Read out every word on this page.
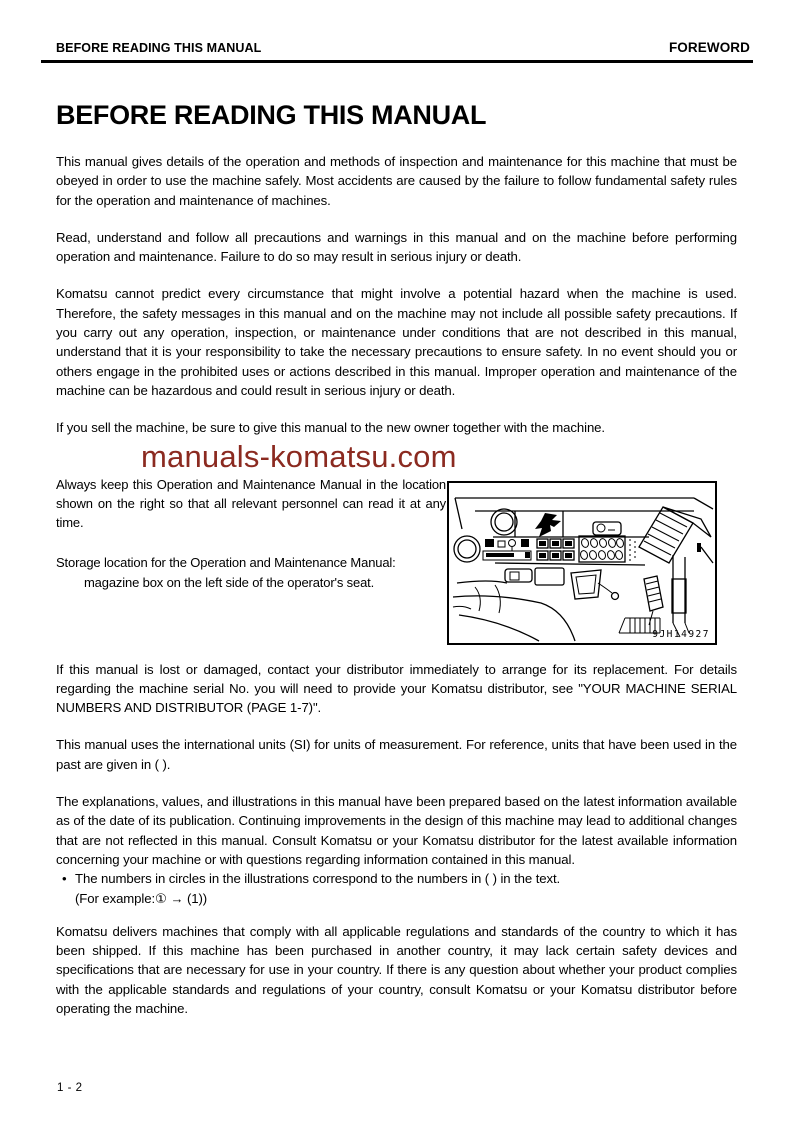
BEFORE READING THIS MANUAL	FOREWORD
BEFORE READING THIS MANUAL

This manual gives details of the operation and methods of inspection and maintenance for this machine that must be obeyed in order to use the machine safely. Most accidents are caused by the failure to follow fundamental safety rules for the operation and maintenance of machines.

Read, understand and follow all precautions and warnings in this manual and on the machine before performing operation and maintenance. Failure to do so may result in serious injury or death.

Komatsu cannot predict every circumstance that might involve a potential hazard when the machine is used. Therefore, the safety messages in this manual and on the machine may not include all possible safety precautions. If you carry out any operation, inspection, or maintenance under conditions that are not described in this manual, understand that it is your responsibility to take the necessary precautions to ensure safety. In no event should you or others engage in the prohibited uses or actions described in this manual. Improper operation and maintenance of the machine can be hazardous and could result in serious injury or death.

If you sell the machine, be sure to give this manual to the new owner together with the machine.

manuals-komatsu.com

Always keep this Operation and Maintenance Manual in the location shown on the right so that all relevant personnel can read it at any time.

Storage location for the Operation and Maintenance Manual:
magazine box on the left side of the operator's seat.
9JH14927

If this manual is lost or damaged, contact your distributor immediately to arrange for its replacement. For details regarding the machine serial No. you will need to provide your Komatsu distributor, see "YOUR MACHINE SERIAL NUMBERS AND DISTRIBUTOR (PAGE 1-7)".

This manual uses the international units (SI) for units of measurement. For reference, units that have been used in the past are given in ( ).

The explanations, values, and illustrations in this manual have been prepared based on the latest information available as of the date of its publication. Continuing improvements in the design of this machine may lead to additional changes that are not reflected in this manual. Consult Komatsu or your Komatsu distributor for the latest available information concerning your machine or with questions regarding information contained in this manual.

• The numbers in circles in the illustrations correspond to the numbers in ( ) in the text.
(For example:① → (1))

Komatsu delivers machines that comply with all applicable regulations and standards of the country to which it has been shipped. If this machine has been purchased in another country, it may lack certain safety devices and specifications that are necessary for use in your country. If there is any question about whether your product complies with the applicable standards and regulations of your country, consult Komatsu or your Komatsu distributor before operating the machine.

1 - 2
